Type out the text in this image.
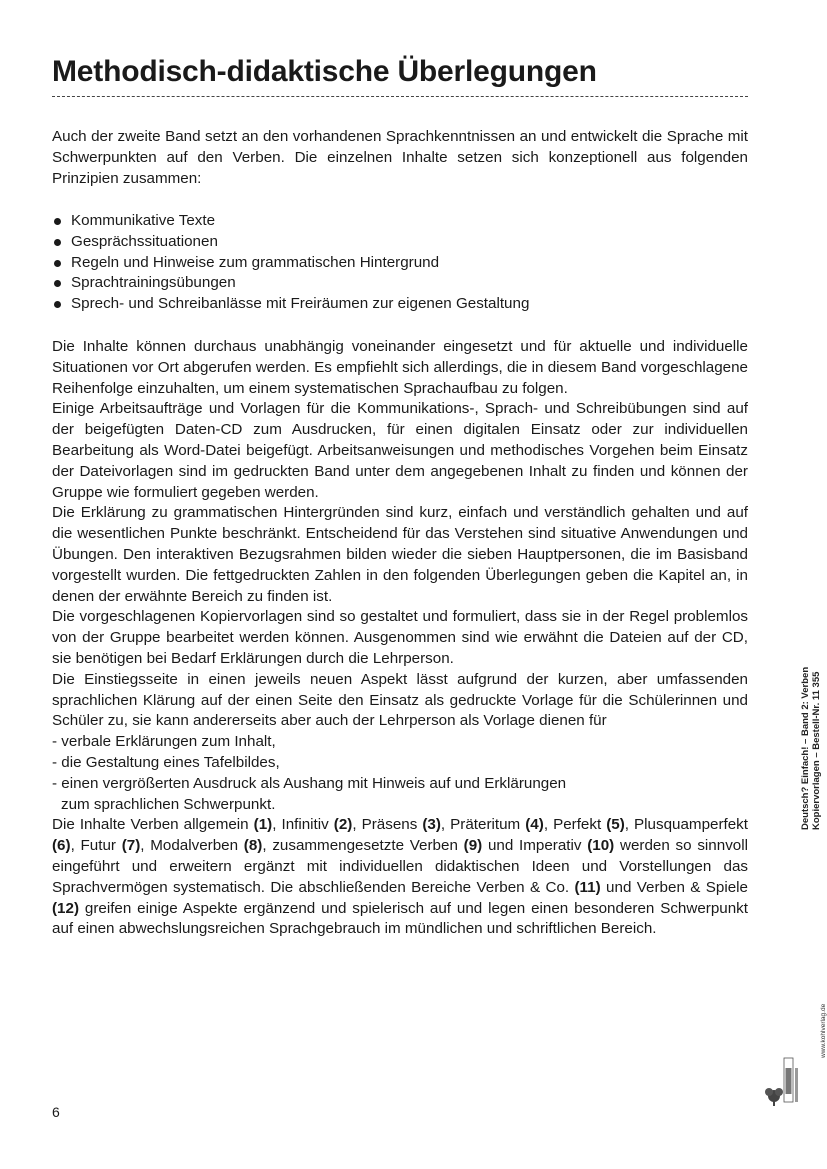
Methodisch-didaktische Überlegungen

Auch der zweite Band setzt an den vorhandenen Sprachkenntnissen an und entwickelt die Sprache mit Schwerpunkten auf den Verben. Die einzelnen Inhalte setzen sich konzeptionell aus folgenden Prinzipien zusammen:

Kommunikative Texte
Gesprächssituationen
Regeln und Hinweise zum grammatischen Hintergrund
Sprachtrainingsübungen
Sprech- und Schreibanlässe mit Freiräumen zur eigenen Gestaltung
Die Inhalte können durchaus unabhängig voneinander eingesetzt und für aktuelle und individuelle Situationen vor Ort abgerufen werden. Es empfiehlt sich allerdings, die in diesem Band vorgeschlagene Reihenfolge einzuhalten, um einem systematischen Sprachaufbau zu folgen.
Einige Arbeitsaufträge und Vorlagen für die Kommunikations-, Sprach- und Schreibübungen sind auf der beigefügten Daten-CD zum Ausdrucken, für einen digitalen Einsatz oder zur individuellen Bearbeitung als Word-Datei beigefügt. Arbeitsanweisungen und methodisches Vorgehen beim Einsatz der Dateivorlagen sind im gedruckten Band unter dem angegebenen Inhalt zu finden und können der Gruppe wie formuliert gegeben werden.
Die Erklärung zu grammatischen Hintergründen sind kurz, einfach und verständlich gehalten und auf die wesentlichen Punkte beschränkt. Entscheidend für das Verstehen sind situative Anwendungen und Übungen. Den interaktiven Bezugsrahmen bilden wieder die sieben Hauptpersonen, die im Basisband vorgestellt wurden. Die fettgedruckten Zahlen in den folgenden Überlegungen geben die Kapitel an, in denen der erwähnte Bereich zu finden ist.
Die vorgeschlagenen Kopiervorlagen sind so gestaltet und formuliert, dass sie in der Regel problemlos von der Gruppe bearbeitet werden können. Ausgenommen sind wie erwähnt die Dateien auf der CD, sie benötigen bei Bedarf Erklärungen durch die Lehrperson.
Die Einstiegsseite in einen jeweils neuen Aspekt lässt aufgrund der kurzen, aber umfassenden sprachlichen Klärung auf der einen Seite den Einsatz als gedruckte Vorlage für die Schülerinnen und Schüler zu, sie kann andererseits aber auch der Lehrperson als Vorlage dienen für
- verbale Erklärungen zum Inhalt,
- die Gestaltung eines Tafelbildes,
- einen vergrößerten Ausdruck als Aushang mit Hinweis auf und Erklärungen
zum sprachlichen Schwerpunkt.
Die Inhalte Verben allgemein (1), Infinitiv (2), Präsens (3), Präteritum (4), Perfekt (5), Plusquamperfekt (6), Futur (7), Modalverben (8), zusammengesetzte Verben (9) und Imperativ (10) werden so sinnvoll eingeführt und erweitern ergänzt mit individuellen didaktischen Ideen und Vorstellungen das Sprachvermögen systematisch. Die abschließenden Bereiche Verben & Co. (11) und Verben & Spiele (12) greifen einige Aspekte ergänzend und spielerisch auf und legen einen besonderen Schwerpunkt auf einen abwechslungsreichen Sprachgebrauch im mündlichen und schriftlichen Bereich.
Deutsch? Einfach! – Band 2: Verben Kopiervorlagen – Bestell-Nr. 11 355
www.kohlverlag.de
6
